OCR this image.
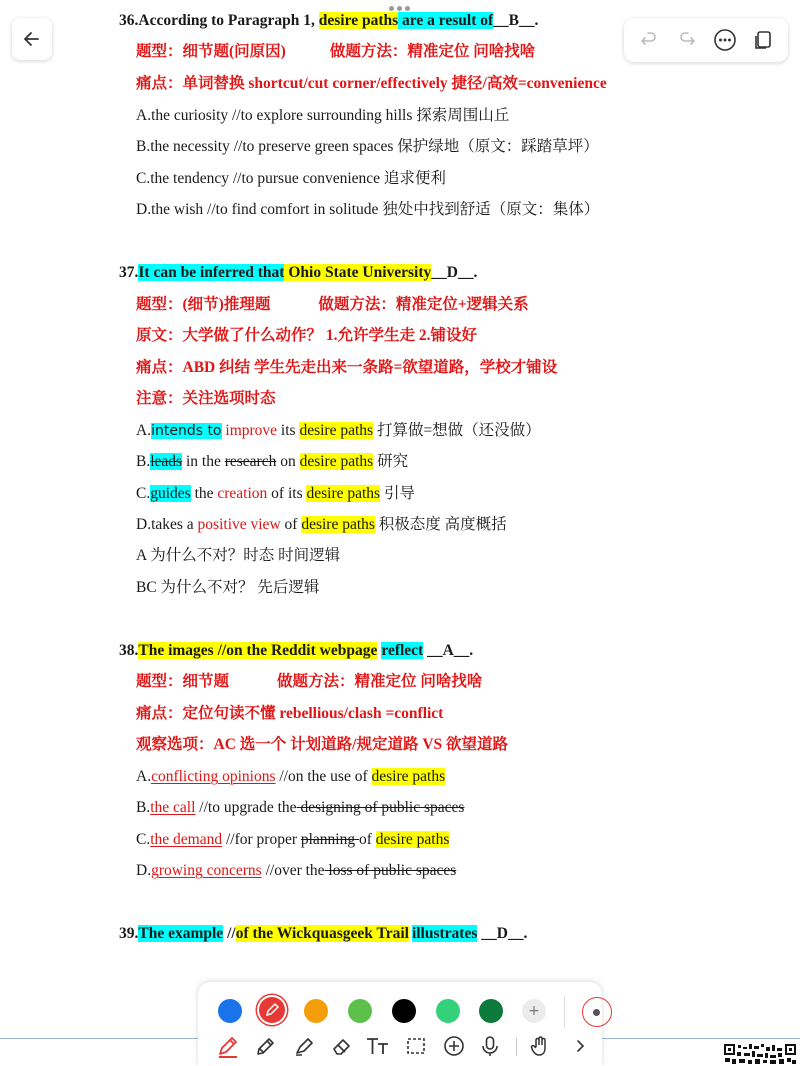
36.According to Paragraph 1, desire paths are a result of__B__.
题型：细节题(问原因)	做题方法：精准定位 问啥找啥
痛点：单词替换 shortcut/cut corner/effectively 捷径/高效=convenience
A.the curiosity //to explore surrounding hills 探索周围山丘
B.the necessity //to preserve green spaces 保护绿地（原文：踩踏草坪）
C.the tendency //to pursue convenience 追求便利
D.the wish //to find comfort in solitude 独处中找到舒适（原文：集体）
37.It can be inferred that Ohio State University__D__.
题型：(细节)推理题	做题方法：精准定位+逻辑关系
原文：大学做了什么动作？ 1.允许学生走 2.铺设好
痛点：ABD 纠结 学生先走出来一条路=欲望道路，学校才铺设
注意：关注选项时态
A.intends to improve its desire paths 打算做=想做（还没做）
B.leads in the research on desire paths 研究
C.guides the creation of its desire paths 引导
D.takes a positive view of desire paths 积极态度 高度概括
A 为什么不对？时态 时间逻辑
BC 为什么不对？ 先后逻辑
38.The images //on the Reddit webpage reflect __A__.
题型：细节题	做题方法：精准定位 问啥找啥
痛点：定位句读不懂 rebellious/clash =conflict
观察选项：AC 选一个 计划道路/规定道路 VS 欲望道路
A.conflicting opinions //on the use of desire paths
B.the call //to upgrade the designing of public spaces
C.the demand //for proper planning of desire paths
D.growing concerns //over the loss of public spaces
39.The example //of the Wickquasgeek Trail illustrates __D__.
+
